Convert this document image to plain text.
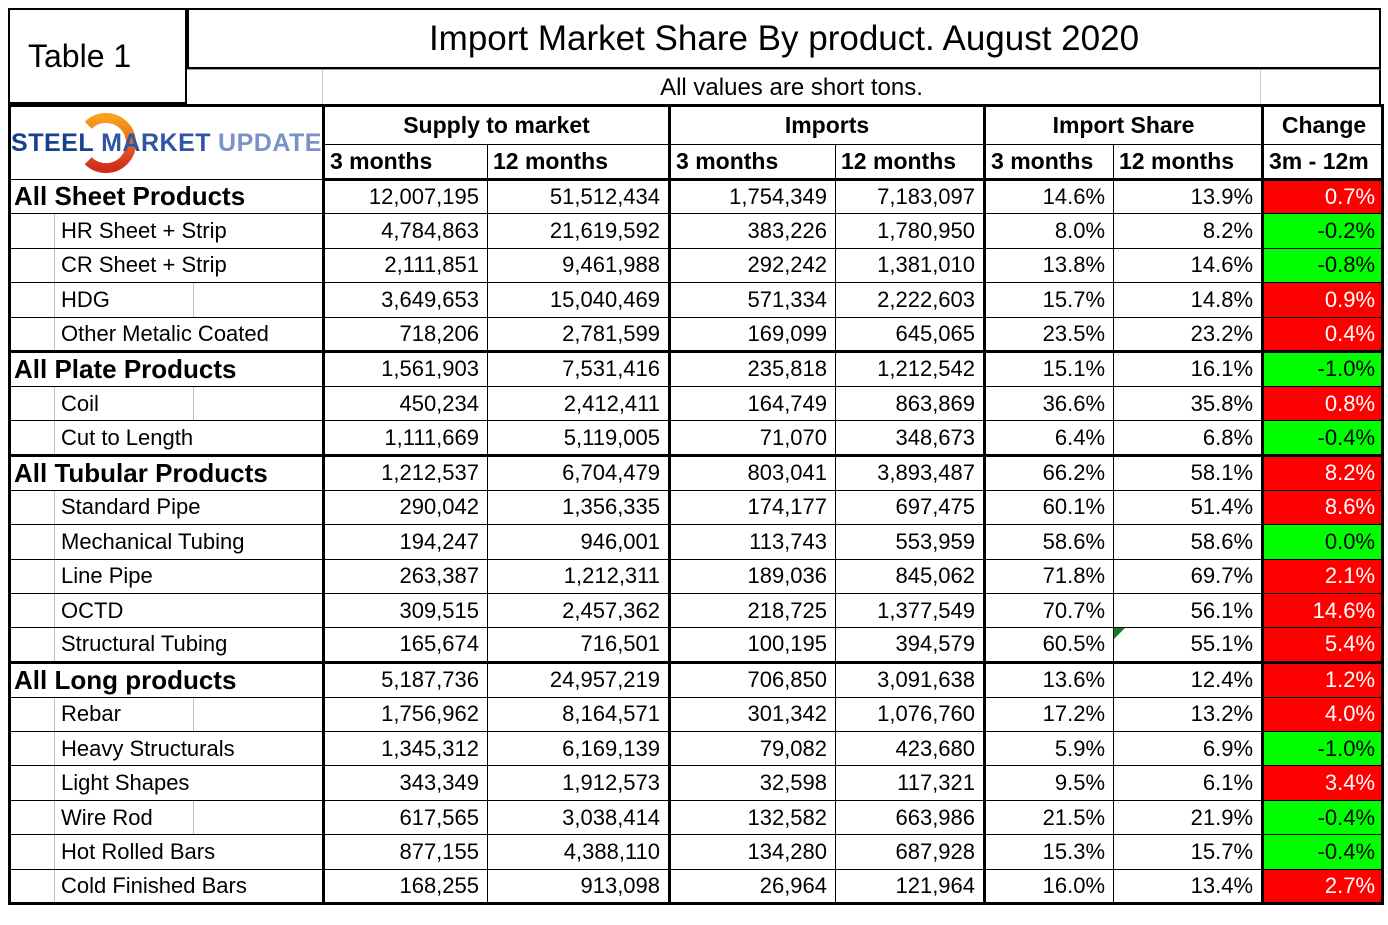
Table 1	Import Market Share By product. August 2020
All values are short tons.
STEEL MARKET UPDATE	Supply to market		Imports		Import Share		Change
	3 months	12 months	3 months	12 months	3 months	12 months	3m - 12m
All Sheet Products	12,007,195	51,512,434	1,754,349	7,183,097	14.6%	13.9%	0.7%
HR Sheet + Strip	4,784,863	21,619,592	383,226	1,780,950	8.0%	8.2%	-0.2%
CR Sheet + Strip	2,111,851	9,461,988	292,242	1,381,010	13.8%	14.6%	-0.8%
HDG	3,649,653	15,040,469	571,334	2,222,603	15.7%	14.8%	0.9%
Other Metalic Coated	718,206	2,781,599	169,099	645,065	23.5%	23.2%	0.4%
All Plate Products	1,561,903	7,531,416	235,818	1,212,542	15.1%	16.1%	-1.0%
Coil	450,234	2,412,411	164,749	863,869	36.6%	35.8%	0.8%
Cut to Length	1,111,669	5,119,005	71,070	348,673	6.4%	6.8%	-0.4%
All Tubular Products	1,212,537	6,704,479	803,041	3,893,487	66.2%	58.1%	8.2%
Standard Pipe	290,042	1,356,335	174,177	697,475	60.1%	51.4%	8.6%
Mechanical Tubing	194,247	946,001	113,743	553,959	58.6%	58.6%	0.0%
Line Pipe	263,387	1,212,311	189,036	845,062	71.8%	69.7%	2.1%
OCTD	309,515	2,457,362	218,725	1,377,549	70.7%	56.1%	14.6%
Structural Tubing	165,674	716,501	100,195	394,579	60.5%	55.1%	5.4%
All Long products	5,187,736	24,957,219	706,850	3,091,638	13.6%	12.4%	1.2%
Rebar	1,756,962	8,164,571	301,342	1,076,760	17.2%	13.2%	4.0%
Heavy Structurals	1,345,312	6,169,139	79,082	423,680	5.9%	6.9%	-1.0%
Light Shapes	343,349	1,912,573	32,598	117,321	9.5%	6.1%	3.4%
Wire Rod	617,565	3,038,414	132,582	663,986	21.5%	21.9%	-0.4%
Hot Rolled Bars	877,155	4,388,110	134,280	687,928	15.3%	15.7%	-0.4%
Cold Finished Bars	168,255	913,098	26,964	121,964	16.0%	13.4%	2.7%
